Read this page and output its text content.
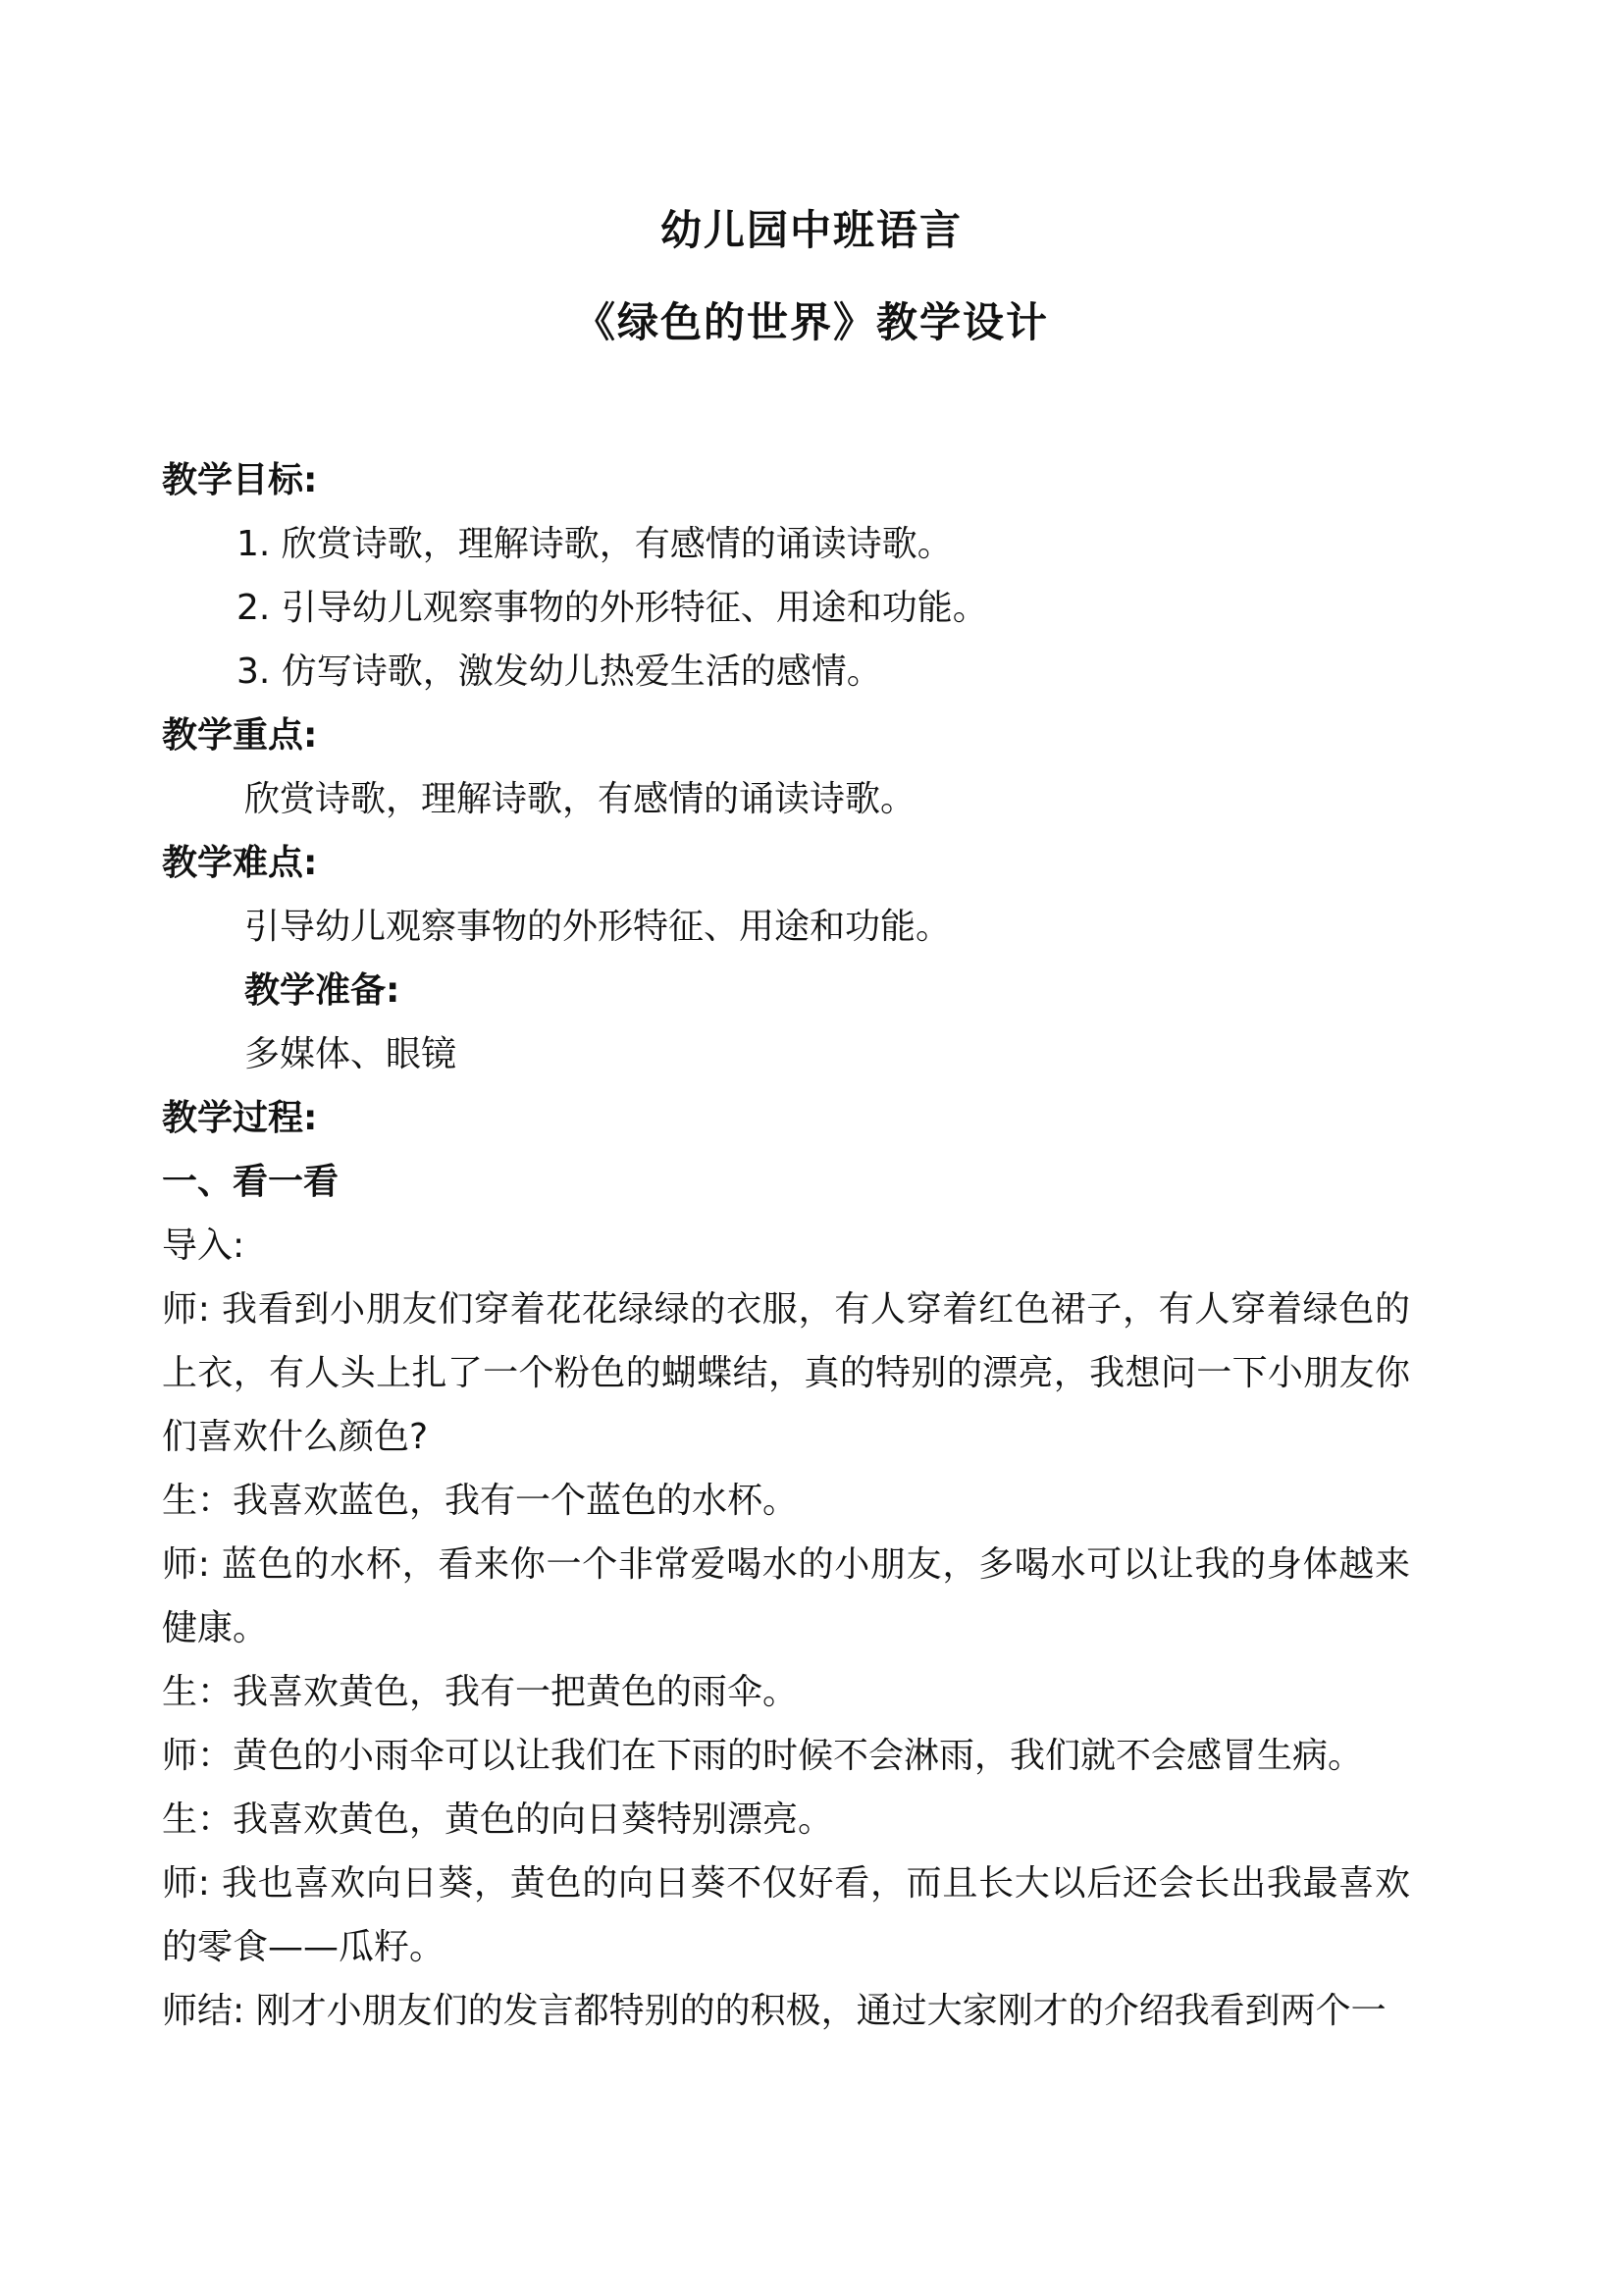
幼儿园中班语言
《绿色的世界》教学设计
教学目标:
1. 欣赏诗歌，理解诗歌，有感情的诵读诗歌。
2. 引导幼儿观察事物的外形特征、用途和功能。
3. 仿写诗歌，激发幼儿热爱生活的感情。
教学重点:
欣赏诗歌，理解诗歌，有感情的诵读诗歌。
教学难点:
引导幼儿观察事物的外形特征、用途和功能。
教学准备:
多媒体、眼镜
教学过程:
一、看一看
导入:
师: 我看到小朋友们穿着花花绿绿的衣服，有人穿着红色裙子，有人穿着绿色的上衣，有人头上扎了一个粉色的蝴蝶结，真的特别的漂亮，我想问一下小朋友你们喜欢什么颜色?
生：我喜欢蓝色，我有一个蓝色的水杯。
师: 蓝色的水杯，看来你一个非常爱喝水的小朋友，多喝水可以让我的身体越来健康。
生：我喜欢黄色，我有一把黄色的雨伞。
师：黄色的小雨伞可以让我们在下雨的时候不会淋雨，我们就不会感冒生病。
生：我喜欢黄色，黄色的向日葵特别漂亮。
师: 我也喜欢向日葵，黄色的向日葵不仅好看，而且长大以后还会长出我最喜欢的零食——瓜籽。
师结: 刚才小朋友们的发言都特别的的积极，通过大家刚才的介绍我看到两个一
